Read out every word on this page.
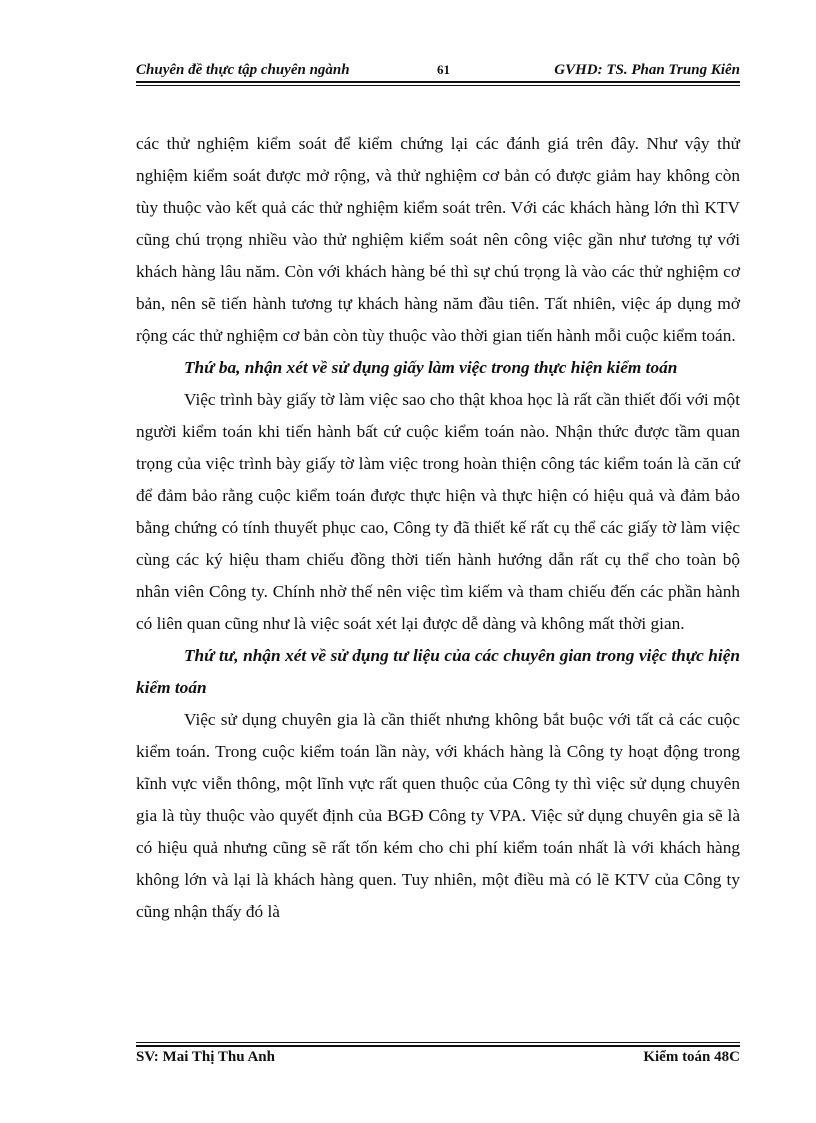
Chuyên đề thực tập chuyên ngành	61	GVHD: TS. Phan Trung Kiên

các thử nghiệm kiểm soát để kiểm chứng lại các đánh giá trên đây. Như vậy thử nghiệm kiểm soát được mở rộng, và thử nghiệm cơ bản có được giảm hay không còn tùy thuộc vào kết quả các thử nghiệm kiểm soát trên. Với các khách hàng lớn thì KTV cũng chú trọng nhiều vào thử nghiệm kiểm soát nên công việc gần như tương tự với khách hàng lâu năm. Còn với khách hàng bé thì sự chú trọng là vào các thử nghiệm cơ bản, nên sẽ tiến hành tương tự khách hàng năm đầu tiên. Tất nhiên, việc áp dụng mở rộng các thử nghiệm cơ bản còn tùy thuộc vào thời gian tiến hành mỗi cuộc kiểm toán.

Thứ ba, nhận xét về sử dụng giấy làm việc trong thực hiện kiểm toán

Việc trình bày giấy tờ làm việc sao cho thật khoa học là rất cần thiết đối với một người kiểm toán khi tiến hành bất cứ cuộc kiểm toán nào. Nhận thức được tầm quan trọng của việc trình bày giấy tờ làm việc trong hoàn thiện công tác kiểm toán là căn cứ để đảm bảo rằng cuộc kiểm toán được thực hiện và thực hiện có hiệu quả và đảm bảo bằng chứng có tính thuyết phục cao, Công ty đã thiết kế rất cụ thể các giấy tờ làm việc cùng các ký hiệu tham chiếu đồng thời tiến hành hướng dẫn rất cụ thể cho toàn bộ nhân viên Công ty. Chính nhờ thế nên việc tìm kiếm và tham chiếu đến các phần hành có liên quan cũng như là việc soát xét lại được dễ dàng và không mất thời gian.

Thứ tư, nhận xét về sử dụng tư liệu của các chuyên gian trong việc thực hiện kiểm toán

Việc sử dụng chuyên gia là cần thiết nhưng không bắt buộc với tất cả các cuộc kiểm toán. Trong cuộc kiểm toán lần này, với khách hàng là Công ty hoạt động trong kĩnh vực viễn thông, một lĩnh vực rất quen thuộc của Công ty thì việc sử dụng chuyên gia là tùy thuộc vào quyết định của BGĐ Công ty VPA. Việc sử dụng chuyên gia sẽ là có hiệu quả nhưng cũng sẽ rất tốn kém cho chi phí kiểm toán nhất là với khách hàng không lớn và lại là khách hàng quen. Tuy nhiên, một điều mà có lẽ KTV của Công ty cũng nhận thấy đó là

SV: Mai Thị Thu Anh	Kiểm toán 48C
